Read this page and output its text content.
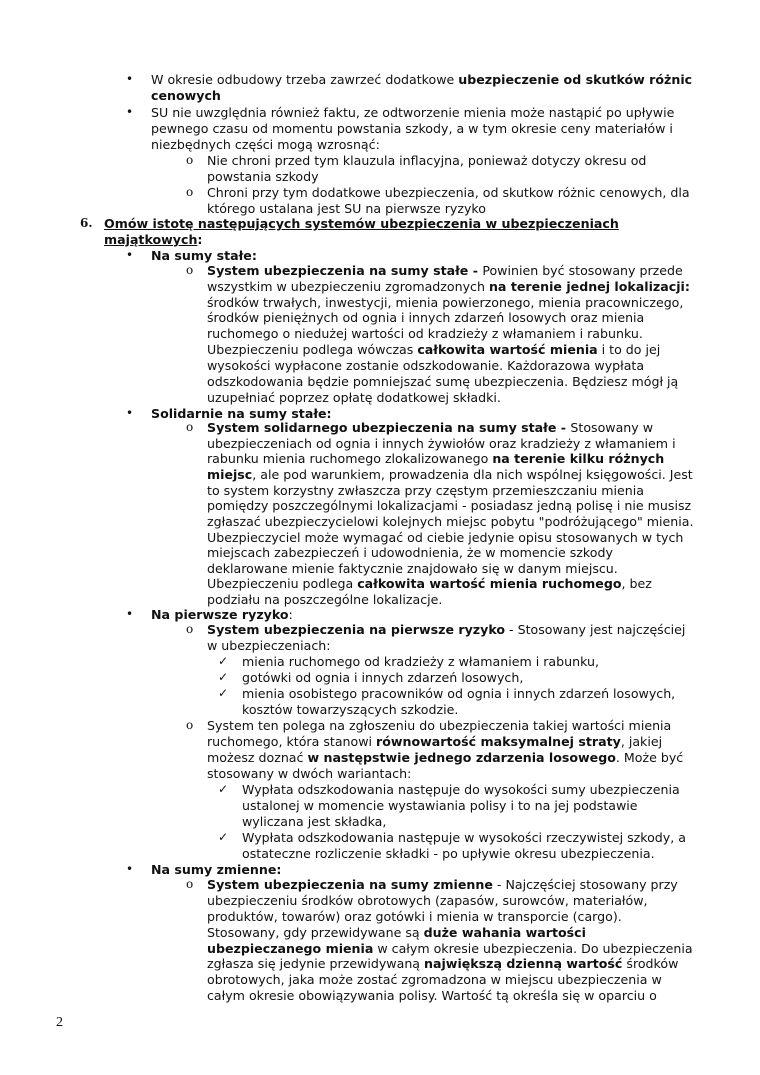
• W okresie odbudowy trzeba zawrzeć dodatkowe ubezpieczenie od skutków różnic
cenowych
• SU nie uwzględnia również faktu, ze odtworzenie mienia może nastąpić po upływie
pewnego czasu od momentu powstania szkody, a w tym okresie ceny materiałów i
niezbędnych części mogą wzrosnąć:
o Nie chroni przed tym klauzula inflacyjna, ponieważ dotyczy okresu od
powstania szkody
o Chroni przy tym dodatkowe ubezpieczenia, od skutkow różnic cenowych, dla
którego ustalana jest SU na pierwsze ryzyko
6. Omów istotę następujących systemów ubezpieczenia w ubezpieczeniach
majątkowych:
• Na sumy stałe:
o System ubezpieczenia na sumy stałe - Powinien być stosowany przede
wszystkim w ubezpieczeniu zgromadzonych na terenie jednej lokalizacji:
środków trwałych, inwestycji, mienia powierzonego, mienia pracowniczego,
środków pieniężnych od ognia i innych zdarzeń losowych oraz mienia
ruchomego o niedużej wartości od kradzieży z włamaniem i rabunku.
Ubezpieczeniu podlega wówczas całkowita wartość mienia i to do jej
wysokości wypłacone zostanie odszkodowanie. Każdorazowa wypłata
odszkodowania będzie pomniejszać sumę ubezpieczenia. Będziesz mógł ją
uzupełniać poprzez opłatę dodatkowej składki.
• Solidarnie na sumy stałe:
o System solidarnego ubezpieczenia na sumy stałe - Stosowany w
ubezpieczeniach od ognia i innych żywiołów oraz kradzieży z włamaniem i
rabunku mienia ruchomego zlokalizowanego na terenie kilku różnych
miejsc, ale pod warunkiem, prowadzenia dla nich wspólnej księgowości. Jest
to system korzystny zwłaszcza przy częstym przemieszczaniu mienia
pomiędzy poszczególnymi lokalizacjami - posiadasz jedną polisę i nie musisz
zgłaszać ubezpieczycielowi kolejnych miejsc pobytu "podróżującego" mienia.
Ubezpieczyciel może wymagać od ciebie jedynie opisu stosowanych w tych
miejscach zabezpieczeń i udowodnienia, że w momencie szkody
deklarowane mienie faktycznie znajdowało się w danym miejscu.
Ubezpieczeniu podlega całkowita wartość mienia ruchomego, bez
podziału na poszczególne lokalizacje.
• Na pierwsze ryzyko:
o System ubezpieczenia na pierwsze ryzyko - Stosowany jest najczęściej
w ubezpieczeniach:
✓ mienia ruchomego od kradzieży z włamaniem i rabunku,
✓ gotówki od ognia i innych zdarzeń losowych,
✓ mienia osobistego pracowników od ognia i innych zdarzeń losowych,
kosztów towarzyszących szkodzie.
o System ten polega na zgłoszeniu do ubezpieczenia takiej wartości mienia
ruchomego, która stanowi równowartość maksymalnej straty, jakiej
możesz doznać w następstwie jednego zdarzenia losowego. Może być
stosowany w dwóch wariantach:
✓ Wypłata odszkodowania następuje do wysokości sumy ubezpieczenia
ustalonej w momencie wystawiania polisy i to na jej podstawie
wyliczana jest składka,
✓ Wypłata odszkodowania następuje w wysokości rzeczywistej szkody, a
ostateczne rozliczenie składki - po upływie okresu ubezpieczenia.
• Na sumy zmienne:
o System ubezpieczenia na sumy zmienne - Najczęściej stosowany przy
ubezpieczeniu środków obrotowych (zapasów, surowców, materiałów,
produktów, towarów) oraz gotówki i mienia w transporcie (cargo).
Stosowany, gdy przewidywane są duże wahania wartości
ubezpieczanego mienia w całym okresie ubezpieczenia. Do ubezpieczenia
zgłasza się jedynie przewidywaną największą dzienną wartość środków
obrotowych, jaka może zostać zgromadzona w miejscu ubezpieczenia w
całym okresie obowiązywania polisy. Wartość tą określa się w oparciu o
2
